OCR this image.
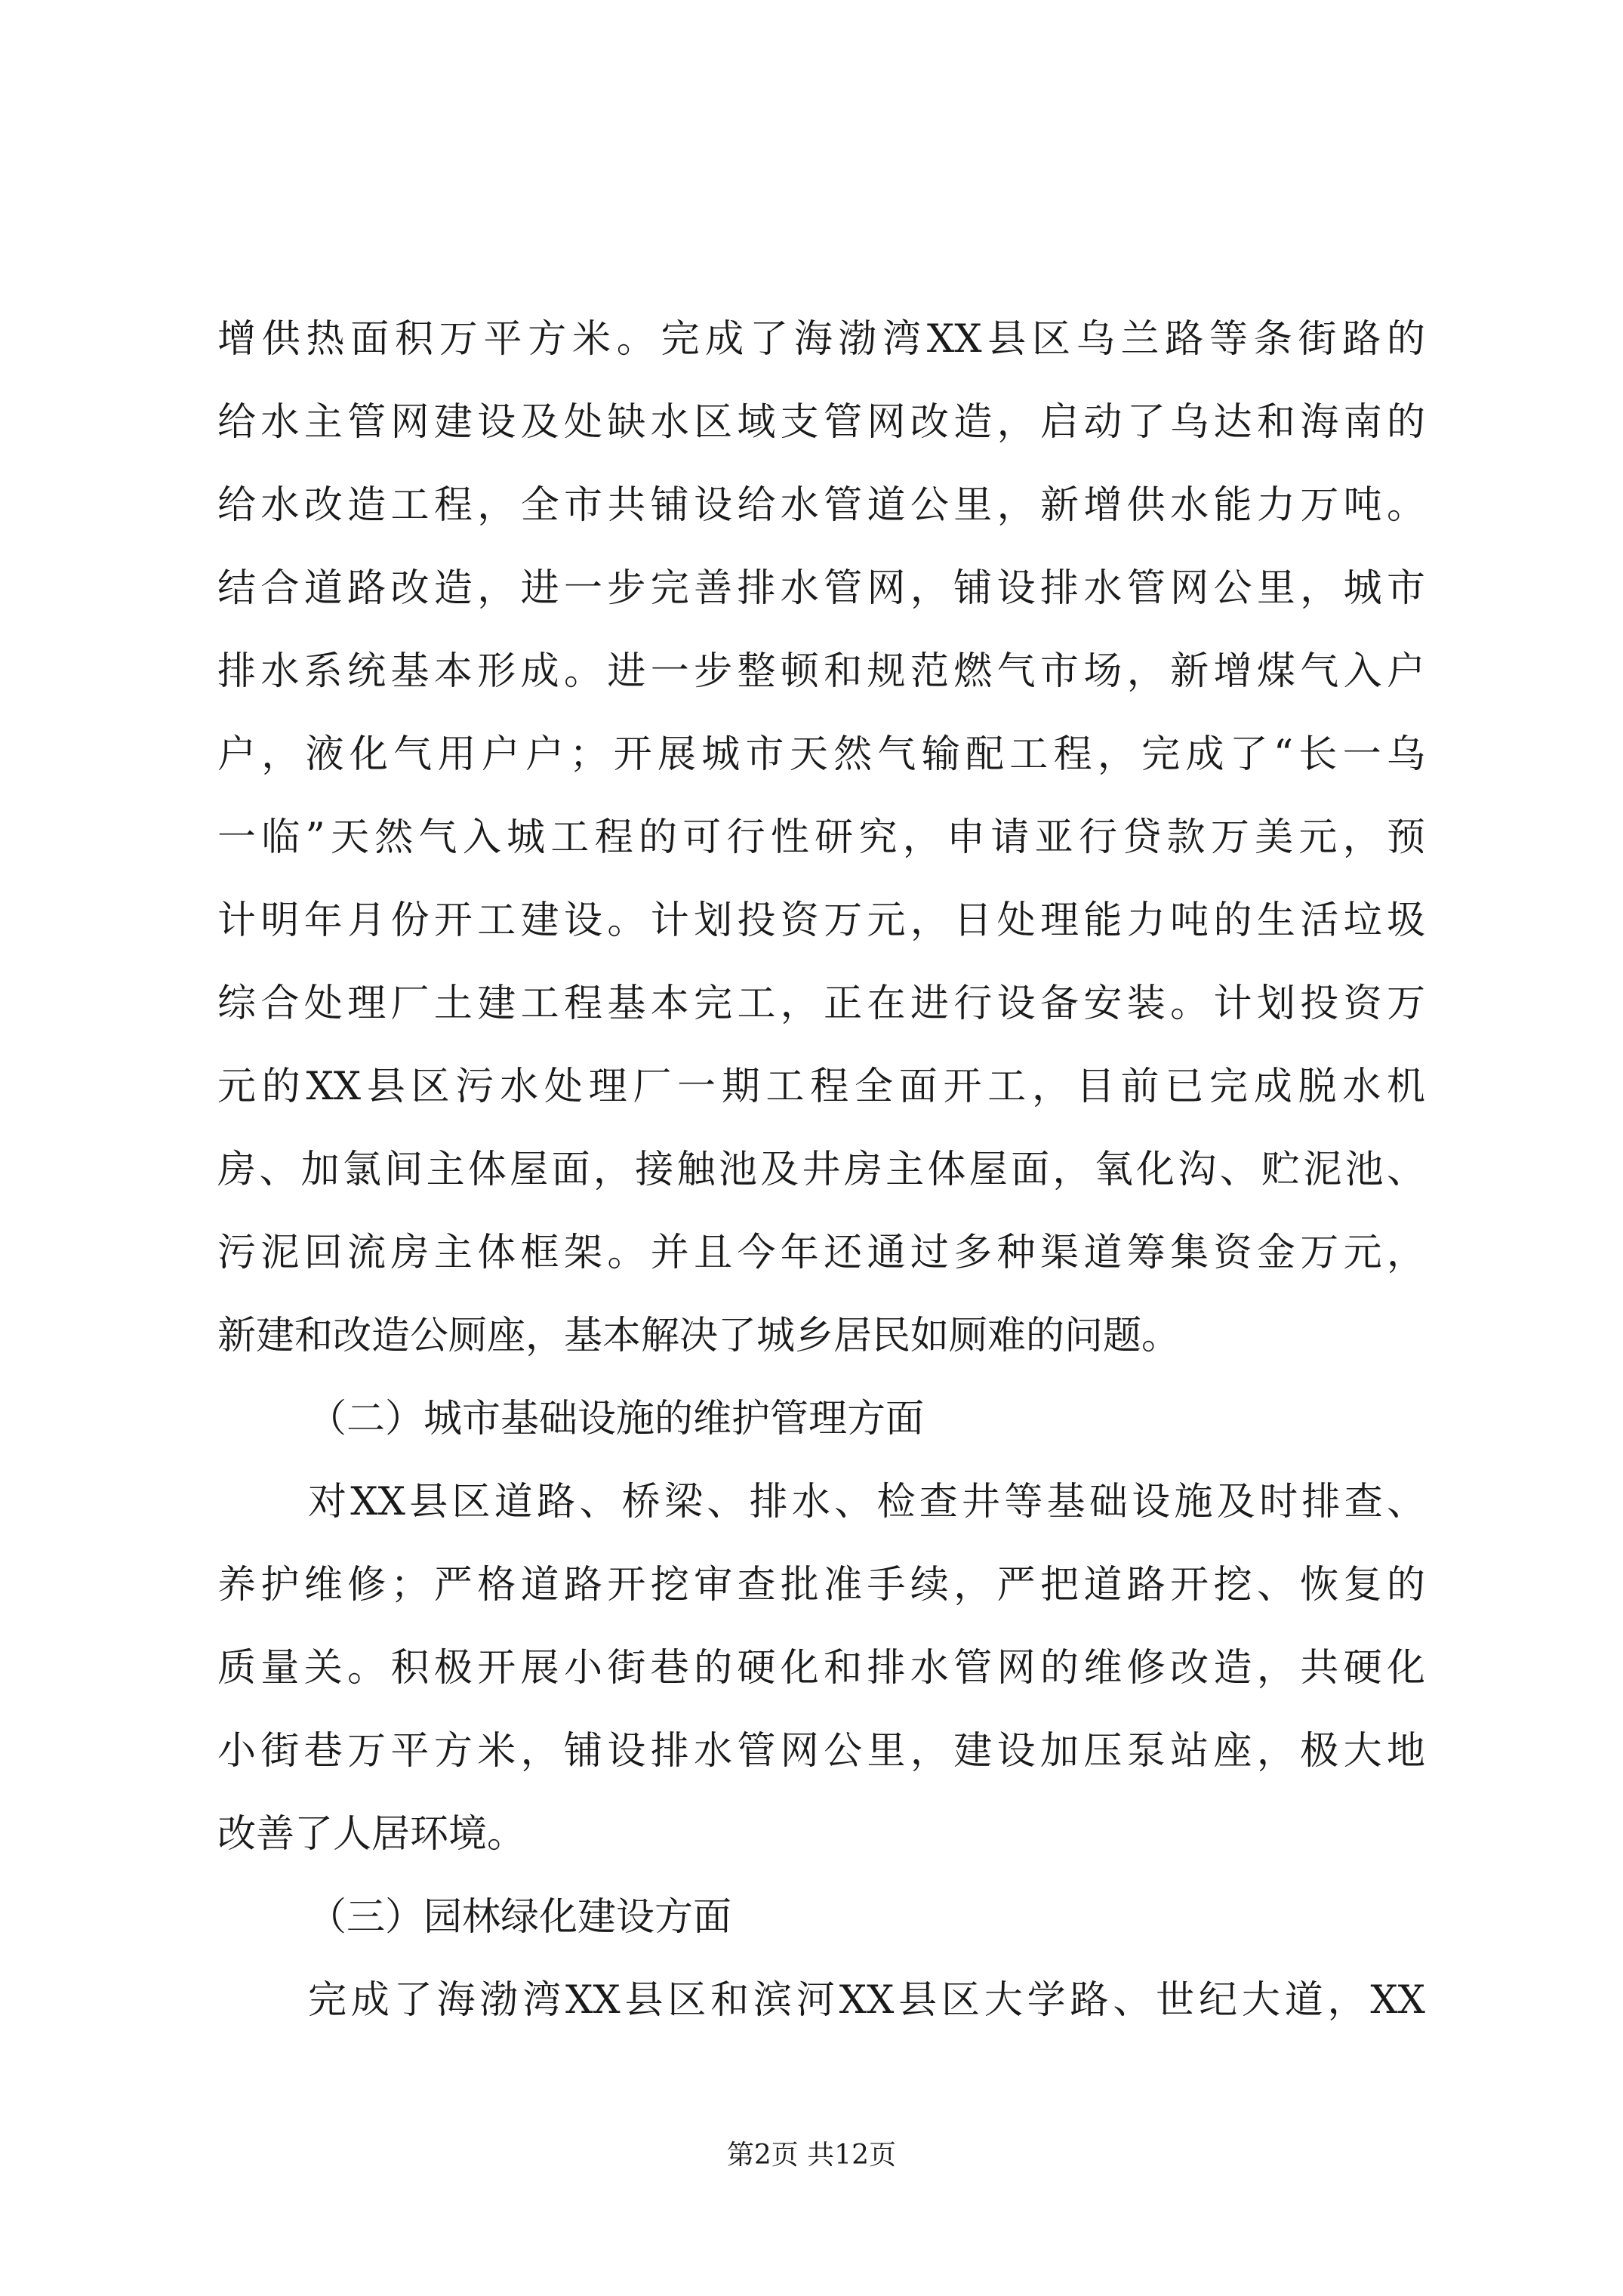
增供热面积万平方米。完成了海渤湾XX县区乌兰路等条街路的
给水主管网建设及处缺水区域支管网改造，启动了乌达和海南的
给水改造工程，全市共铺设给水管道公里，新增供水能力万吨。
结合道路改造，进一步完善排水管网，铺设排水管网公里，城市
排水系统基本形成。进一步整顿和规范燃气市场，新增煤气入户
户，液化气用户户；开展城市天然气输配工程，完成了“长一乌
一临”天然气入城工程的可行性研究，申请亚行贷款万美元，预
计明年月份开工建设。计划投资万元，日处理能力吨的生活垃圾
综合处理厂土建工程基本完工，正在进行设备安装。计划投资万
元的XX县区污水处理厂一期工程全面开工，目前已完成脱水机
房、加氯间主体屋面，接触池及井房主体屋面，氧化沟、贮泥池、
污泥回流房主体框架。并且今年还通过多种渠道筹集资金万元，
新建和改造公厕座，基本解决了城乡居民如厕难的问题。
（二）城市基础设施的维护管理方面
对XX县区道路、桥梁、排水、检查井等基础设施及时排查、
养护维修；严格道路开挖审查批准手续，严把道路开挖、恢复的
质量关。积极开展小街巷的硬化和排水管网的维修改造，共硬化
小街巷万平方米，铺设排水管网公里，建设加压泵站座，极大地
改善了人居环境。
（三）园林绿化建设方面
完成了海渤湾XX县区和滨河XX县区大学路、世纪大道，XX
第2页 共12页
